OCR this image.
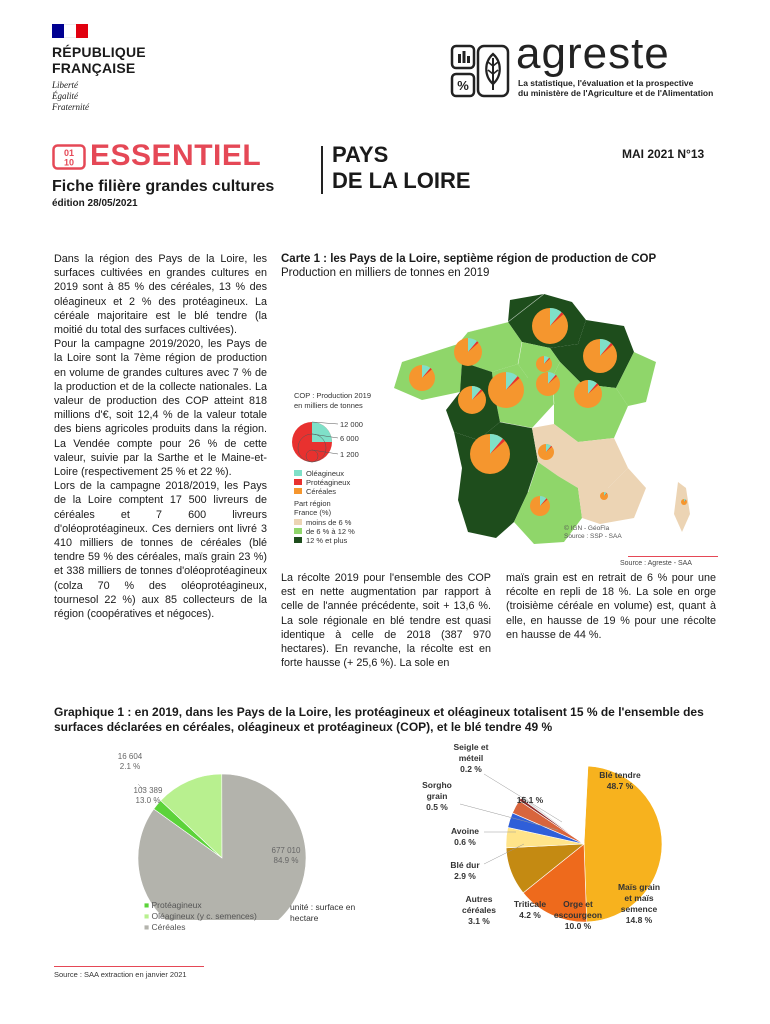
RÉPUBLIQUE
FRANÇAISE
Liberté
Égalité
Fraternité
%
agreste
La statistique, l'évaluation et la prospective
du ministère de l'Agriculture et de l'Alimentation
01
10 ESSENTIEL
Fiche filière grandes cultures
édition 28/05/2021
PAYS
DE LA LOIRE
MAI 2021 N°13

Dans la région des Pays de la Loire, les surfaces cultivées en grandes cultures en 2019 sont à 85 % des céréales, 13 % des oléagineux et 2 % des protéagineux. La céréale majoritaire est le blé tendre (la moitié du total des surfaces cultivées).

Pour la campagne 2019/2020, les Pays de la Loire sont la 7ème région de production en volume de grandes cultures avec 7 % de la production et de la collecte nationales. La valeur de production des COP atteint 818 millions d'€, soit 12,4 % de la valeur totale des biens agricoles produits dans la région. La Vendée compte pour 26 % de cette valeur, suivie par la Sarthe et le Maine-et-Loire (respectivement 25 % et 22 %).

Lors de la campagne 2018/2019, les Pays de la Loire comptent 17 500 livreurs de céréales et 7 600 livreurs d'oléoprotéagineux. Ces derniers ont livré 3 410 milliers de tonnes de céréales (blé tendre 59 % des céréales, maïs grain 23 %) et 338 milliers de tonnes d'oléoprotéagineux (colza 70 % des oléoprotéagineux, tournesol 22 %) aux 85 collecteurs de la région (coopératives et négoces).

Carte 1 : les Pays de la Loire, septième région de production de COP
Production en milliers de tonnes en 2019
COP : Production 2019
en milliers de tonnes
12 000
6 000
1 200
Oléagineux
Protéagineux
Céréales
Part région
France (%)
moins de 6 %
de 6 % à 12 %
12 % et plus
© IGN - GéoFla
Source : SSP - SAA
Source : Agreste - SAA
La récolte 2019 pour l'ensemble des COP est en nette augmentation par rapport à celle de l'année précédente, soit + 13,6 %. La sole régionale en blé tendre est quasi identique à celle de 2018 (387 970 hectares). En revanche, la récolte est en forte hausse (+ 25,6 %). La sole en
maïs grain est en retrait de 6 % pour une récolte en repli de 18 %. La sole en orge (troisième céréale en volume) est, quant à elle, en hausse de 19 % pour une récolte en hausse de 44 %.
Graphique 1 : en 2019, dans les Pays de la Loire, les protéagineux et oléagineux totalisent 15 % de l'ensemble des surfaces déclarées en céréales, oléagineux et protéagineux (COP), et le blé tendre 49 %
16 604
2.1 %
103 389
13.0 %
677 010
84.9 %
■ Protéagineux
■ Oléagineux (y c. semences)
■ Céréales
unité : surface en
hectare
Seigle et
méteil
0.2 %
Sorgho
grain
0.5 %
Avoine
0.6 %
Blé dur
2.9 %
Autres
céréales
3.1 %
Triticale
4.2 %
Orge et
escourgeon
10.0 %
Maïs grain
et maïs
semence
14.8 %
Blé tendre
48.7 %
15.1 %
Source : SAA extraction en janvier 2021
